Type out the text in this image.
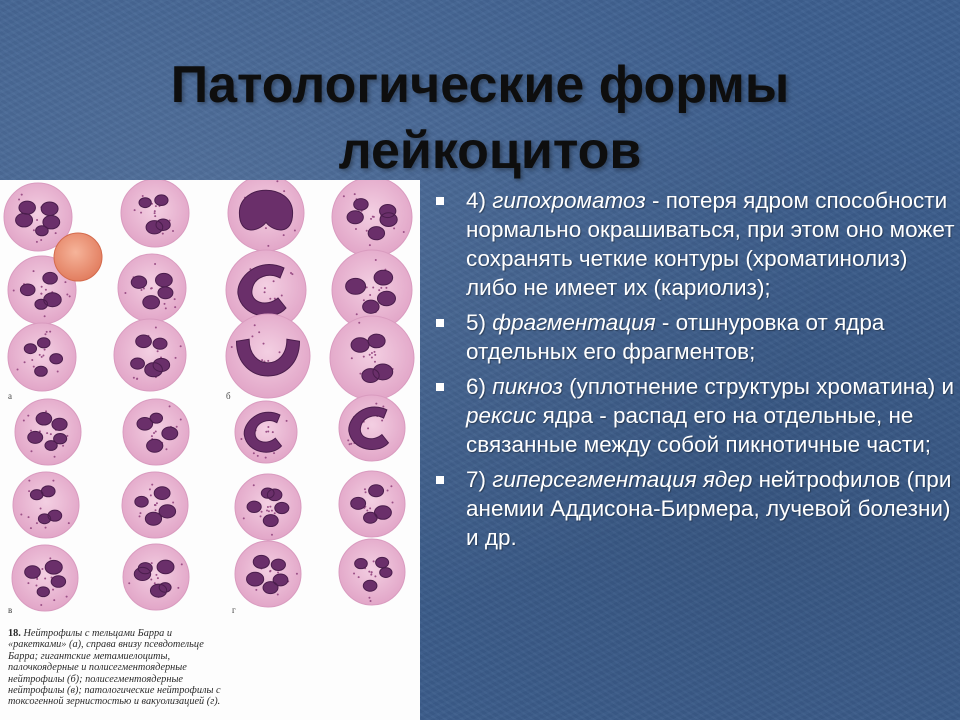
Патологические формы
лейкоцитов
а	б
в	г

18. Нейтрофилы с тельцами Барра и «ракетками» (а), справа внизу псевдотельце Барра; гигантские метамиелоциты, палочкоядерные и полисегментоядерные нейтрофилы (б); полисегментоядерные нейтрофилы (в); патологические нейтрофилы с токсогенной зернистостью и вакуолизацией (г).

4) гипохроматоз - потеря ядром способности нормально окрашиваться, при этом оно может сохранять четкие контуры (хроматинолиз) либо не имеет их (кариолиз);
5) фрагментация - отшнуровка от ядра отдельных его фрагментов;
6) пикноз (уплотнение структуры хроматина) и рексис ядра - распад его на отдельные, не связанные между собой пикнотичные части;
7) гиперсегментация ядер нейтрофилов (при анемии Аддисона-Бирмера, лучевой болезни) и др.
